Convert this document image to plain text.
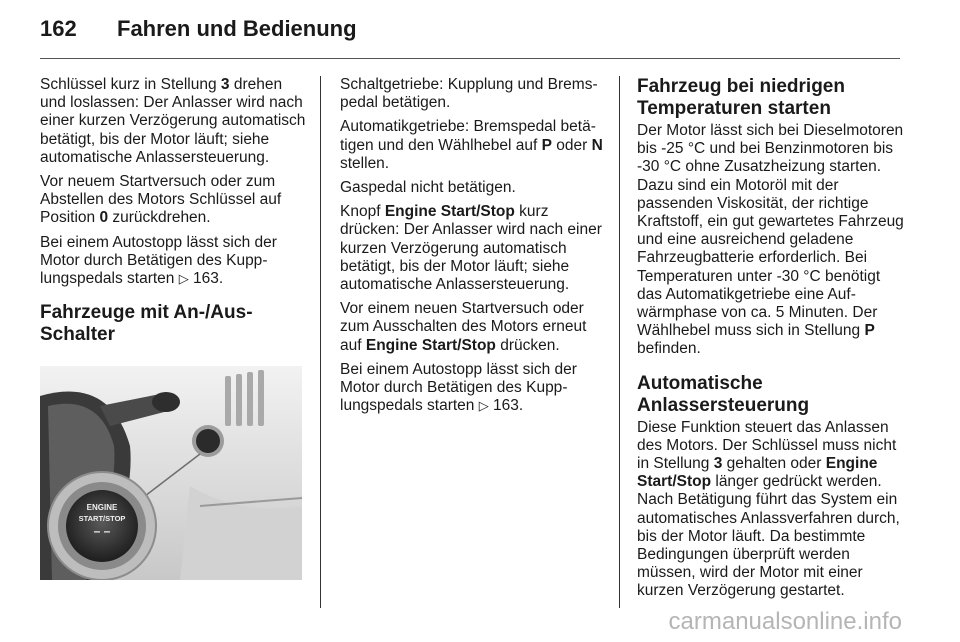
162 Fahren und Bedienung

Schlüssel kurz in Stellung 3 drehen und loslassen: Der Anlasser wird nach einer kurzen Verzögerung automatisch betätigt, bis der Motor läuft; siehe automatische Anlassersteuerung.

Vor neuem Startversuch oder zum Abstellen des Motors Schlüssel auf Position 0 zurückdrehen.

Bei einem Autostopp lässt sich der Motor durch Betätigen des Kupplungspedals starten ▷ 163.

Fahrzeuge mit An-/Aus-Schalter
ENGINE
START/STOP
– –

Schaltgetriebe: Kupplung und Bremspedal betätigen.

Automatikgetriebe: Bremspedal betätigen und den Wählhebel auf P oder N stellen.

Gaspedal nicht betätigen.

Knopf Engine Start/Stop kurz drücken: Der Anlasser wird nach einer kurzen Verzögerung automatisch betätigt, bis der Motor läuft; siehe automatische Anlassersteuerung.

Vor einem neuen Startversuch oder zum Ausschalten des Motors erneut auf Engine Start/Stop drücken.

Bei einem Autostopp lässt sich der Motor durch Betätigen des Kupplungspedals starten ▷ 163.

Fahrzeug bei niedrigen Temperaturen starten

Der Motor lässt sich bei Dieselmotoren bis -25 °C und bei Benzinmotoren bis -30 °C ohne Zusatzheizung starten. Dazu sind ein Motoröl mit der passenden Viskosität, der richtige Kraftstoff, ein gut gewartetes Fahrzeug und eine ausreichend geladene Fahrzeugbatterie erforderlich. Bei Temperaturen unter -30 °C benötigt das Automatikgetriebe eine Aufwärmphase von ca. 5 Minuten. Der Wählhebel muss sich in Stellung P befinden.

Automatische Anlassersteuerung

Diese Funktion steuert das Anlassen des Motors. Der Schlüssel muss nicht in Stellung 3 gehalten oder Engine Start/Stop länger gedrückt werden. Nach Betätigung führt das System ein automatisches Anlassverfahren durch, bis der Motor läuft. Da bestimmte Bedingungen überprüft werden müssen, wird der Motor mit einer kurzen Verzögerung gestartet.

carmanualsonline.info
